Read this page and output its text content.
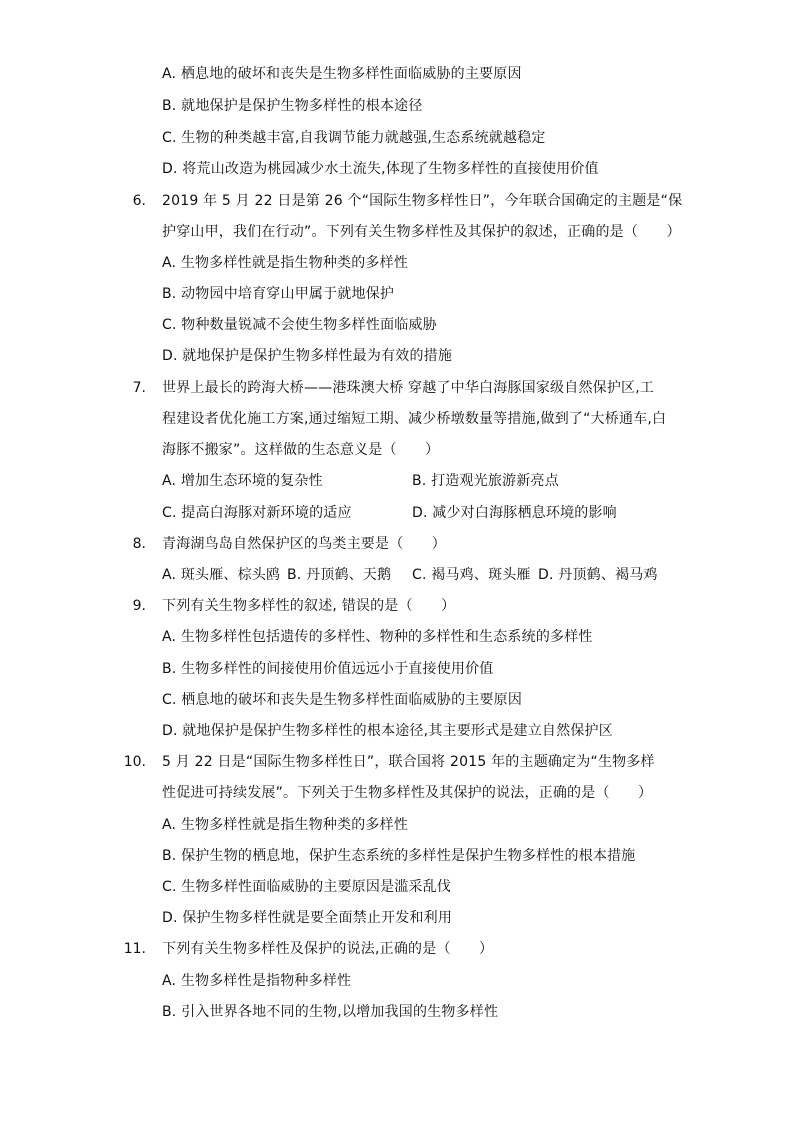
A. 栖息地的破坏和丧失是生物多样性面临威胁的主要原因
B. 就地保护是保护生物多样性的根本途径
C. 生物的种类越丰富,自我调节能力就越强,生态系统就越稳定
D. 将荒山改造为桃园减少水土流失,体现了生物多样性的直接使用价值
6. 2019 年 5 月 22 日是第 26 个“国际生物多样性日”，今年联合国确定的主题是“保
护穿山甲，我们在行动”。下列有关生物多样性及其保护的叙述，正确的是（　　）
A. 生物多样性就是指生物种类的多样性
B. 动物园中培育穿山甲属于就地保护
C. 物种数量锐减不会使生物多样性面临威胁
D. 就地保护是保护生物多样性最为有效的措施
7. 世界上最长的跨海大桥——港珠澳大桥 穿越了中华白海豚国家级自然保护区,工
程建设者优化施工方案,通过缩短工期、减少桥墩数量等措施,做到了“大桥通车,白
海豚不搬家”。这样做的生态意义是（　　）
A. 增加生态环境的复杂性	B. 打造观光旅游新亮点
C. 提高白海豚对新环境的适应	D. 减少对白海豚栖息环境的影响
8. 青海湖鸟岛自然保护区的鸟类主要是（　　）
A. 斑头雁、棕头鸥 B. 丹顶鹤、天鹅 C. 褐马鸡、斑头雁 D. 丹顶鹤、褐马鸡
9. 下列有关生物多样性的叙述, 错误的是（　　）
A. 生物多样性包括遗传的多样性、物种的多样性和生态系统的多样性
B. 生物多样性的间接使用价值远远小于直接使用价值
C. 栖息地的破坏和丧失是生物多样性面临威胁的主要原因
D. 就地保护是保护生物多样性的根本途径,其主要形式是建立自然保护区
10. 5 月 22 日是“国际生物多样性日”，联合国将 2015 年的主题确定为“生物多样
性促进可持续发展”。下列关于生物多样性及其保护的说法，正确的是（　　）
A. 生物多样性就是指生物种类的多样性
B. 保护生物的栖息地，保护生态系统的多样性是保护生物多样性的根本措施
C. 生物多样性面临威胁的主要原因是滥采乱伐
D. 保护生物多样性就是要全面禁止开发和利用
11. 下列有关生物多样性及保护的说法,正确的是（　　）
A. 生物多样性是指物种多样性
B. 引入世界各地不同的生物,以增加我国的生物多样性
